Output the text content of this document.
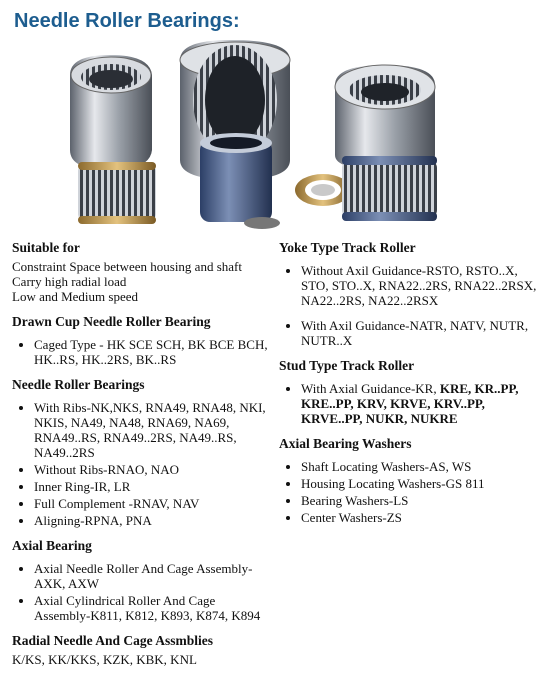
Needle Roller Bearings:

Suitable for

Constraint Space between housing and shaft

Carry high radial load

Low and Medium speed

Drawn Cup Needle Roller Bearing

• Caged Type - HK SCE SCH, BK BCE BCH, HK..RS, HK..2RS, BK..RS

Needle Roller Bearings

• With Ribs-NK,NKS, RNA49, RNA48, NKI, NKIS, NA49, NA48, RNA69, NA69, RNA49..RS, RNA49..2RS, NA49..RS, NA49..2RS
• Without Ribs-RNAO, NAO
• Inner Ring-IR, LR
• Full Complement -RNAV, NAV
• Aligning-RPNA, PNA

Axial Bearing

• Axial Needle Roller And Cage Assembly-AXK, AXW
• Axial Cylindrical Roller And Cage Assembly-K811, K812, K893, K874, K894

Radial Needle And Cage Assmblies

K/KS, KK/KKS, KZK, KBK, KNL

Yoke Type Track Roller

• Without Axil Guidance-RSTO, RSTO..X, STO, STO..X, RNA22..2RS, RNA22..2RSX, NA22..2RS, NA22..2RSX
• With Axil Guidance-NATR, NATV, NUTR, NUTR..X

Stud Type Track Roller

• With Axial Guidance-KR, KRE, KR..PP, KRE..PP, KRV, KRVE, KRV..PP, KRVE..PP, NUKR, NUKRE

Axial Bearing Washers

• Shaft Locating Washers-AS, WS
• Housing Locating Washers-GS 811
• Bearing Washers-LS
• Center Washers-ZS
